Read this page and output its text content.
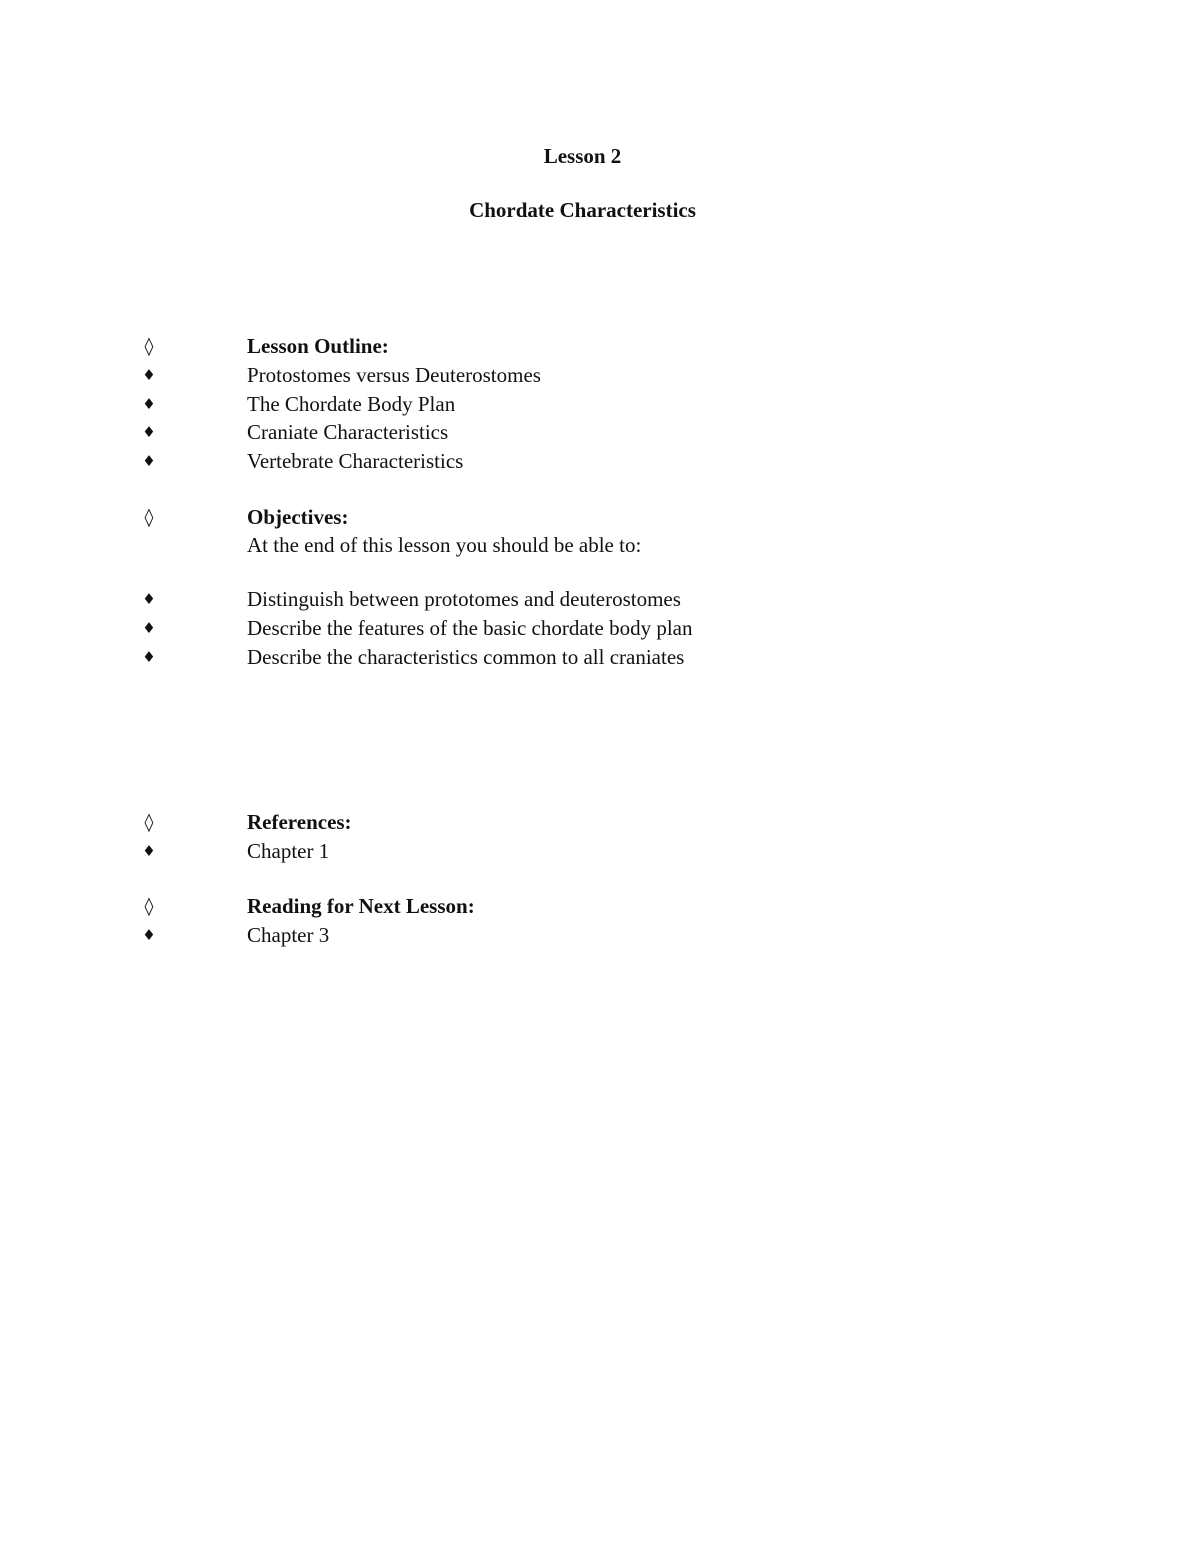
Lesson 2
Chordate Characteristics
◊	Lesson Outline:
♦	Protostomes versus Deuterostomes
♦	The Chordate Body Plan
♦	Craniate Characteristics
♦	Vertebrate Characteristics
◊	Objectives:
At the end of this lesson you should be able to:
♦	Distinguish between prototomes and deuterostomes
♦	Describe the features of the basic chordate body plan
♦	Describe the characteristics common to all craniates
◊	References:
♦	Chapter 1
◊	Reading for Next Lesson:
♦	Chapter 3
